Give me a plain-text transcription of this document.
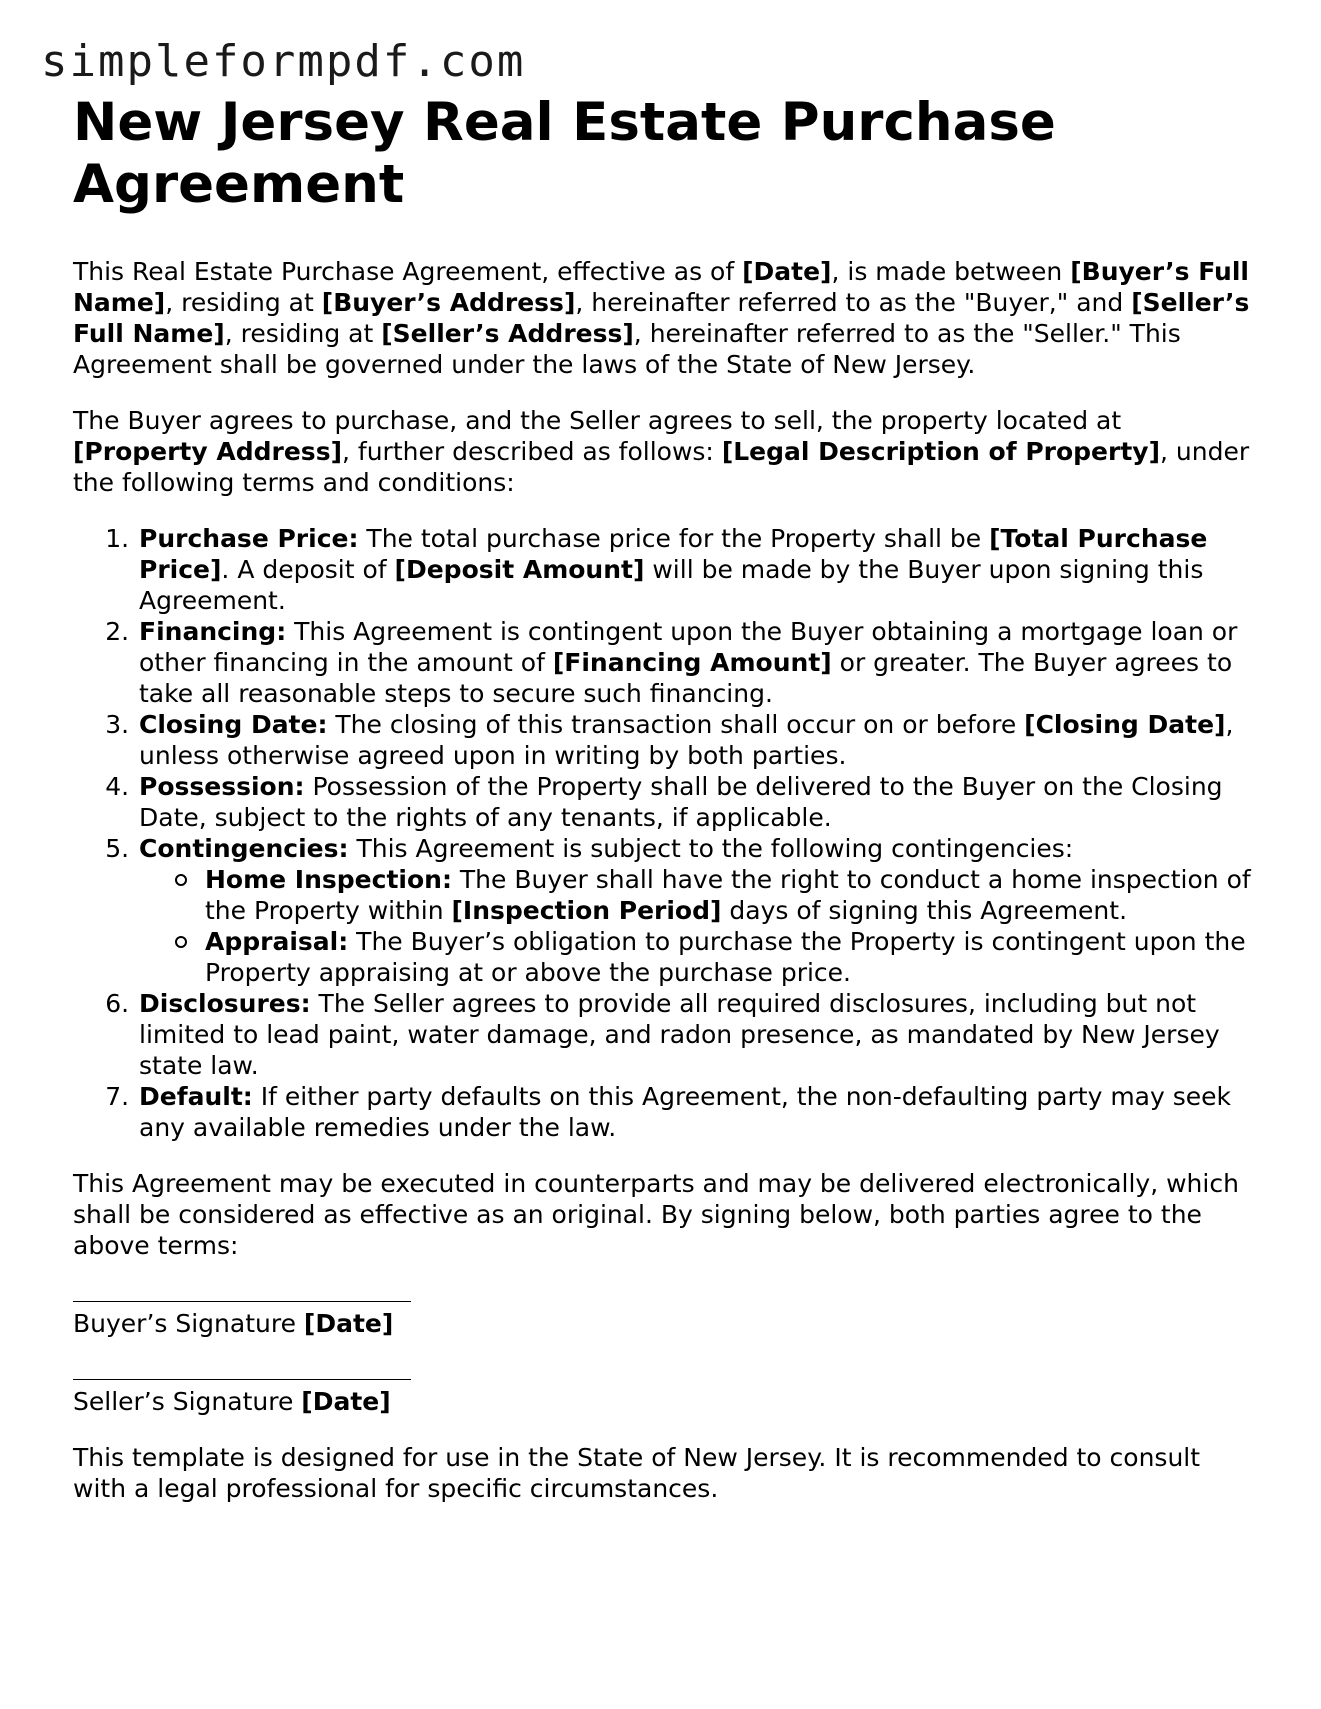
simpleformpdf.com
New Jersey Real Estate Purchase Agreement

This Real Estate Purchase Agreement, effective as of [Date], is made between [Buyer’s Full Name], residing at [Buyer’s Address], hereinafter referred to as the "Buyer," and [Seller’s Full Name], residing at [Seller’s Address], hereinafter referred to as the "Seller." This Agreement shall be governed under the laws of the State of New Jersey.

The Buyer agrees to purchase, and the Seller agrees to sell, the property located at [Property Address], further described as follows: [Legal Description of Property], under the following terms and conditions:

1. Purchase Price: The total purchase price for the Property shall be [Total Purchase Price]. A deposit of [Deposit Amount] will be made by the Buyer upon signing this Agreement.
2. Financing: This Agreement is contingent upon the Buyer obtaining a mortgage loan or other financing in the amount of [Financing Amount] or greater. The Buyer agrees to take all reasonable steps to secure such financing.
3. Closing Date: The closing of this transaction shall occur on or before [Closing Date], unless otherwise agreed upon in writing by both parties.
4. Possession: Possession of the Property shall be delivered to the Buyer on the Closing Date, subject to the rights of any tenants, if applicable.
5. Contingencies: This Agreement is subject to the following contingencies:
Home Inspection: The Buyer shall have the right to conduct a home inspection of the Property within [Inspection Period] days of signing this Agreement.
Appraisal: The Buyer’s obligation to purchase the Property is contingent upon the Property appraising at or above the purchase price.
6. Disclosures: The Seller agrees to provide all required disclosures, including but not limited to lead paint, water damage, and radon presence, as mandated by New Jersey state law.
7. Default: If either party defaults on this Agreement, the non-defaulting party may seek any available remedies under the law.

This Agreement may be executed in counterparts and may be delivered electronically, which shall be considered as effective as an original. By signing below, both parties agree to the above terms:

Buyer’s Signature [Date]
Seller’s Signature [Date]

This template is designed for use in the State of New Jersey. It is recommended to consult with a legal professional for specific circumstances.
